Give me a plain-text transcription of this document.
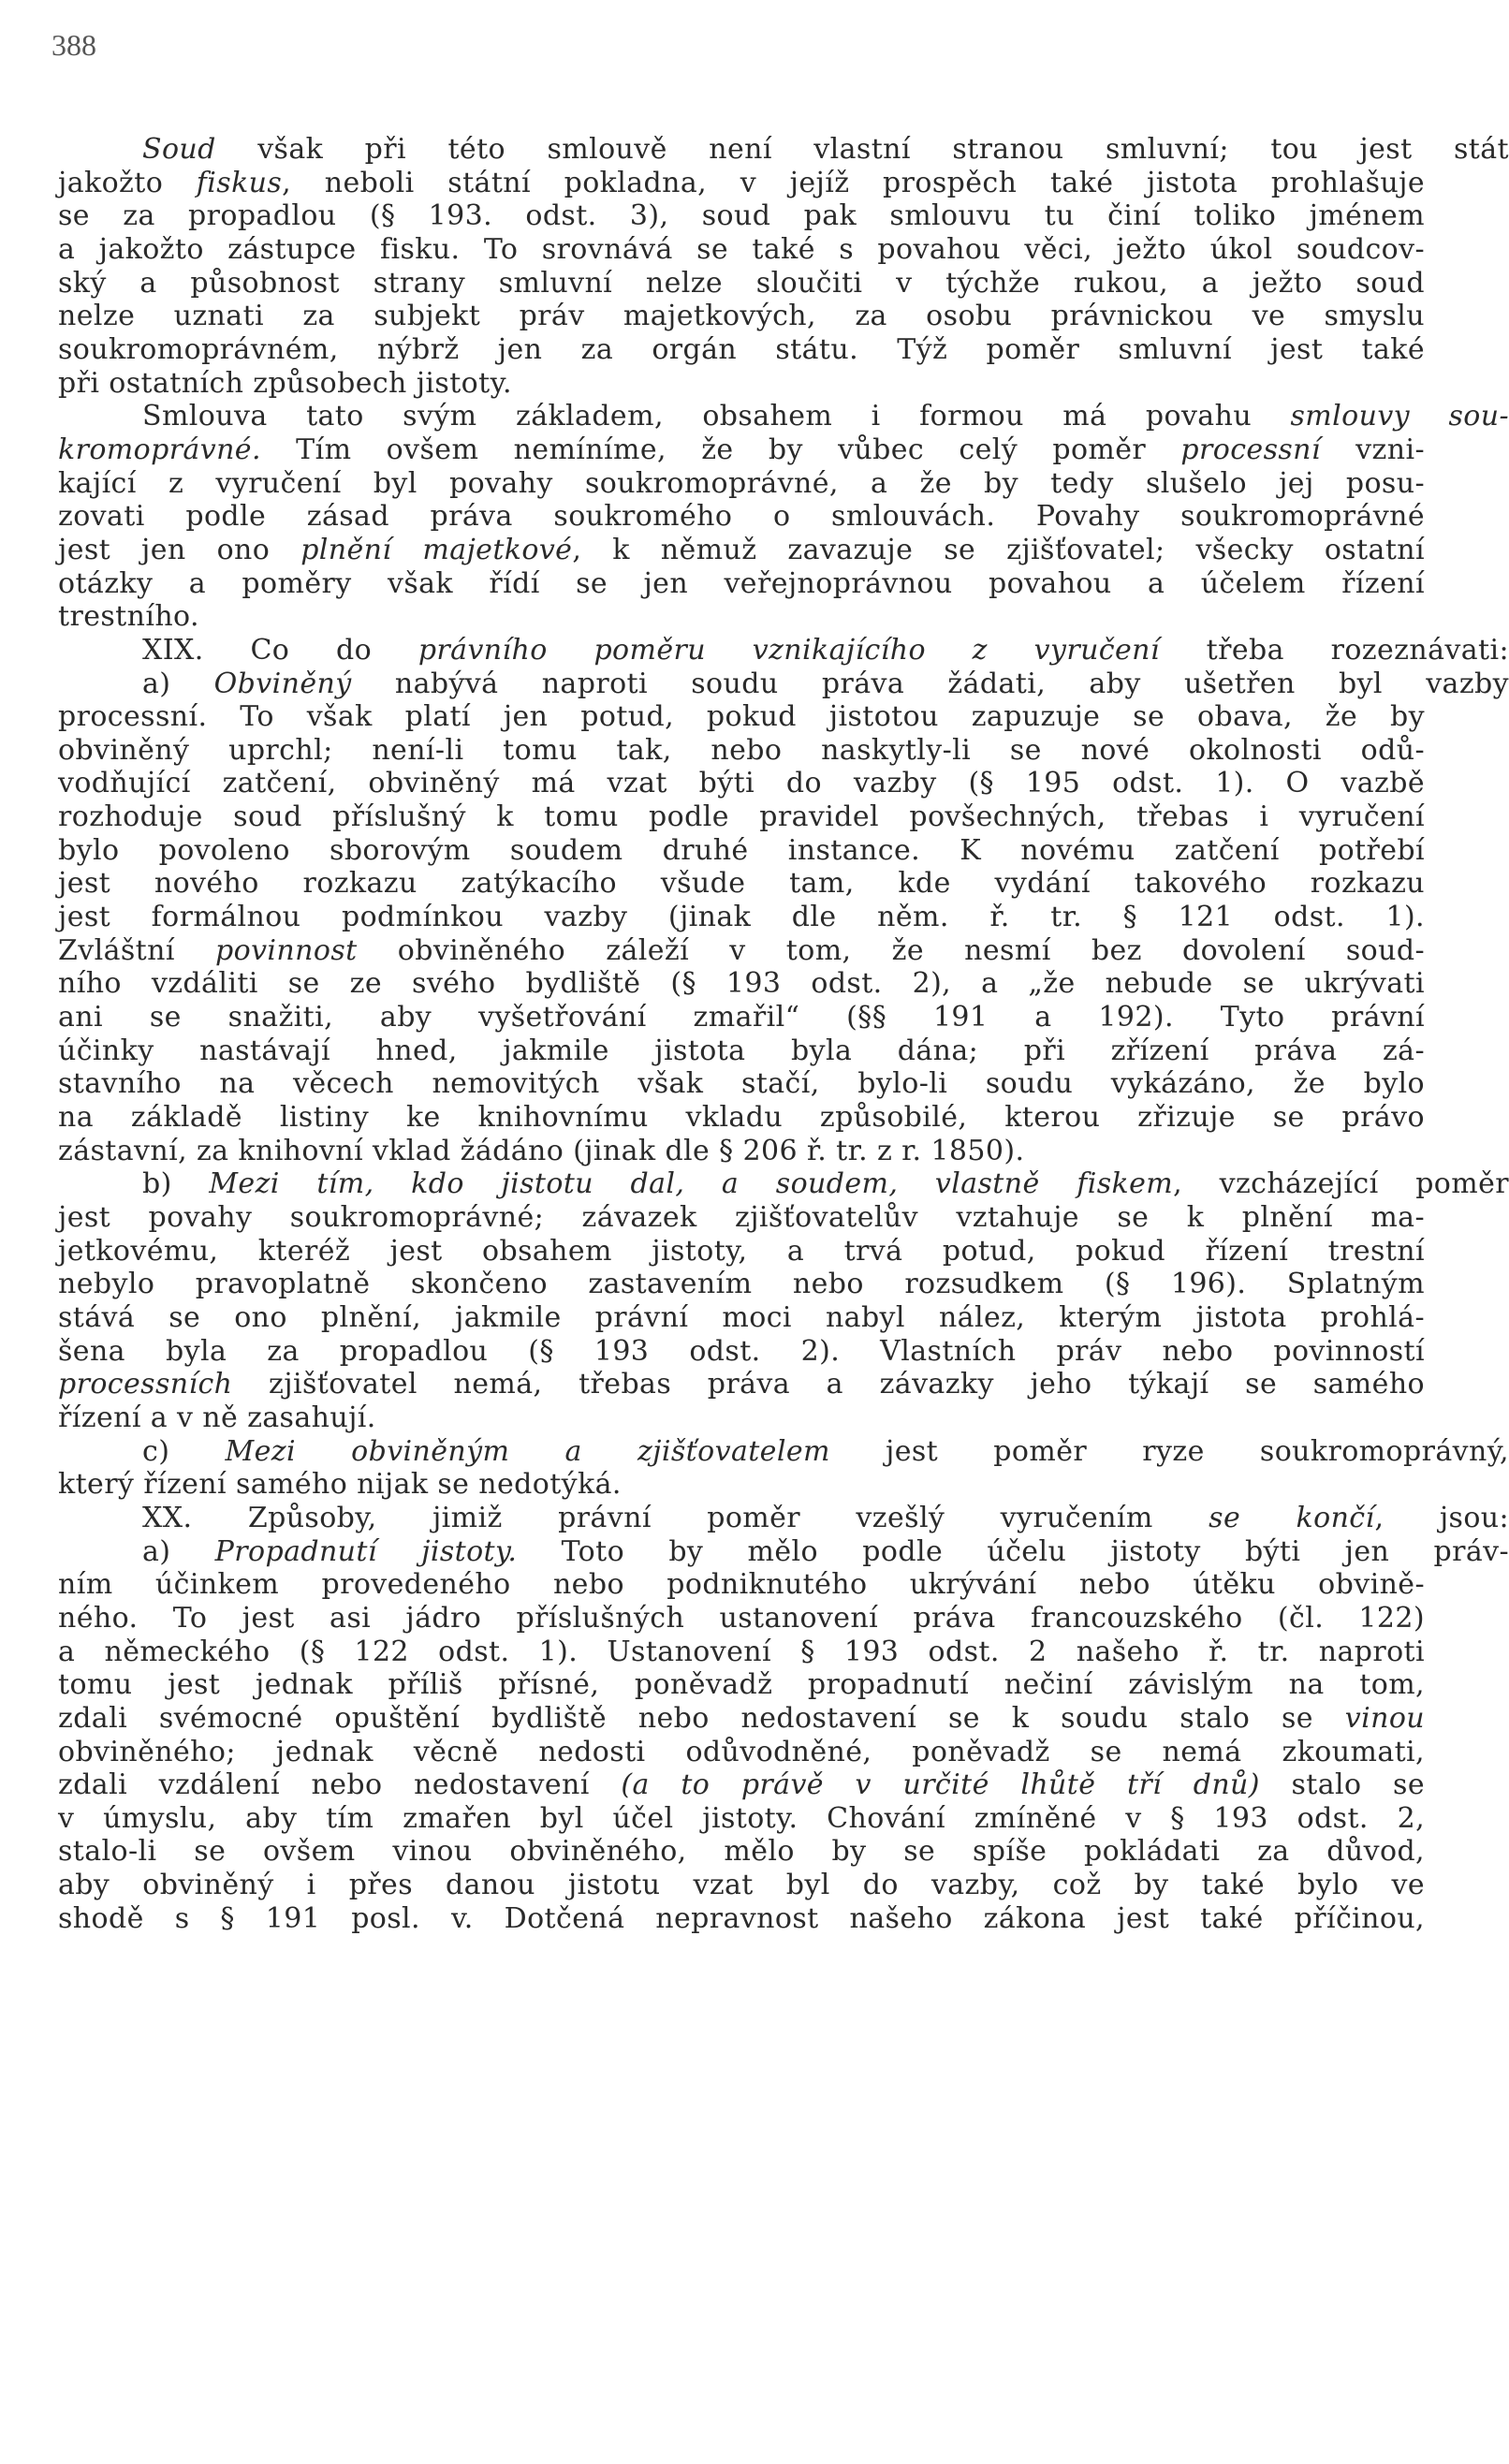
388
Soud však při této smlouvě není vlastní stranou smluvní; tou jest stát
jakožto fiskus, neboli státní pokladna, v jejíž prospěch také jistota prohlašuje
se za propadlou (§ 193. odst. 3), soud pak smlouvu tu činí toliko jménem
a jakožto zástupce fisku. To srovnává se také s povahou věci, ježto úkol soudcov-
ský a působnost strany smluvní nelze sloučiti v týchže rukou, a ježto soud
nelze uznati za subjekt práv majetkových, za osobu právnickou ve smyslu
soukromoprávném, nýbrž jen za orgán státu. Týž poměr smluvní jest také
při ostatních způsobech jistoty.
Smlouva tato svým základem, obsahem i formou má povahu smlouvy sou-
kromoprávné. Tím ovšem nemíníme, že by vůbec celý poměr processní vzni-
kající z vyručení byl povahy soukromoprávné, a že by tedy slušelo jej posu-
zovati podle zásad práva soukromého o smlouvách. Povahy soukromoprávné
jest jen ono plnění majetkové, k němuž zavazuje se zjišťovatel; všecky ostatní
otázky a poměry však řídí se jen veřejnoprávnou povahou a účelem řízení
trestního.
XIX. Co do právního poměru vznikajícího z vyručení třeba rozeznávati:
a) Obviněný nabývá naproti soudu práva žádati, aby ušetřen byl vazby
processní. To však platí jen potud, pokud jistotou zapuzuje se obava, že by
obviněný uprchl; není-li tomu tak, nebo naskytly-li se nové okolnosti odů-
vodňující zatčení, obviněný má vzat býti do vazby (§ 195 odst. 1). O vazbě
rozhoduje soud příslušný k tomu podle pravidel povšechných, třebas i vyručení
bylo povoleno sborovým soudem druhé instance. K novému zatčení potřebí
jest nového rozkazu zatýkacího všude tam, kde vydání takového rozkazu
jest formálnou podmínkou vazby (jinak dle něm. ř. tr. § 121 odst. 1).
Zvláštní povinnost obviněného záleží v tom, že nesmí bez dovolení soud-
ního vzdáliti se ze svého bydliště (§ 193 odst. 2), a „že nebude se ukrývati
ani se snažiti, aby vyšetřování zmařil“ (§§ 191 a 192). Tyto právní
účinky nastávají hned, jakmile jistota byla dána; při zřízení práva zá-
stavního na věcech nemovitých však stačí, bylo-li soudu vykázáno, že bylo
na základě listiny ke knihovnímu vkladu způsobilé, kterou zřizuje se právo
zástavní, za knihovní vklad žádáno (jinak dle § 206 ř. tr. z r. 1850).
b) Mezi tím, kdo jistotu dal, a soudem, vlastně fiskem, vzcházející poměr
jest povahy soukromoprávné; závazek zjišťovatelův vztahuje se k plnění ma-
jetkovému, kteréž jest obsahem jistoty, a trvá potud, pokud řízení trestní
nebylo pravoplatně skončeno zastavením nebo rozsudkem (§ 196). Splatným
stává se ono plnění, jakmile právní moci nabyl nález, kterým jistota prohlá-
šena byla za propadlou (§ 193 odst. 2). Vlastních práv nebo povinností
processních zjišťovatel nemá, třebas práva a závazky jeho týkají se samého
řízení a v ně zasahují.
c) Mezi obviněným a zjišťovatelem jest poměr ryze soukromoprávný,
který řízení samého nijak se nedotýká.
XX. Způsoby, jimiž právní poměr vzešlý vyručením se končí, jsou:
a) Propadnutí jistoty. Toto by mělo podle účelu jistoty býti jen práv-
ním účinkem provedeného nebo podniknutého ukrývání nebo útěku obvině-
ného. To jest asi jádro příslušných ustanovení práva francouzského (čl. 122)
a německého (§ 122 odst. 1). Ustanovení § 193 odst. 2 našeho ř. tr. naproti
tomu jest jednak příliš přísné, poněvadž propadnutí nečiní závislým na tom,
zdali svémocné opuštění bydliště nebo nedostavení se k soudu stalo se vinou
obviněného; jednak věcně nedosti odůvodněné, poněvadž se nemá zkoumati,
zdali vzdálení nebo nedostavení (a to právě v určité lhůtě tří dnů) stalo se
v úmyslu, aby tím zmařen byl účel jistoty. Chování zmíněné v § 193 odst. 2,
stalo-li se ovšem vinou obviněného, mělo by se spíše pokládati za důvod,
aby obviněný i přes danou jistotu vzat byl do vazby, což by také bylo ve
shodě s § 191 posl. v. Dotčená nepravnost našeho zákona jest také příčinou,
